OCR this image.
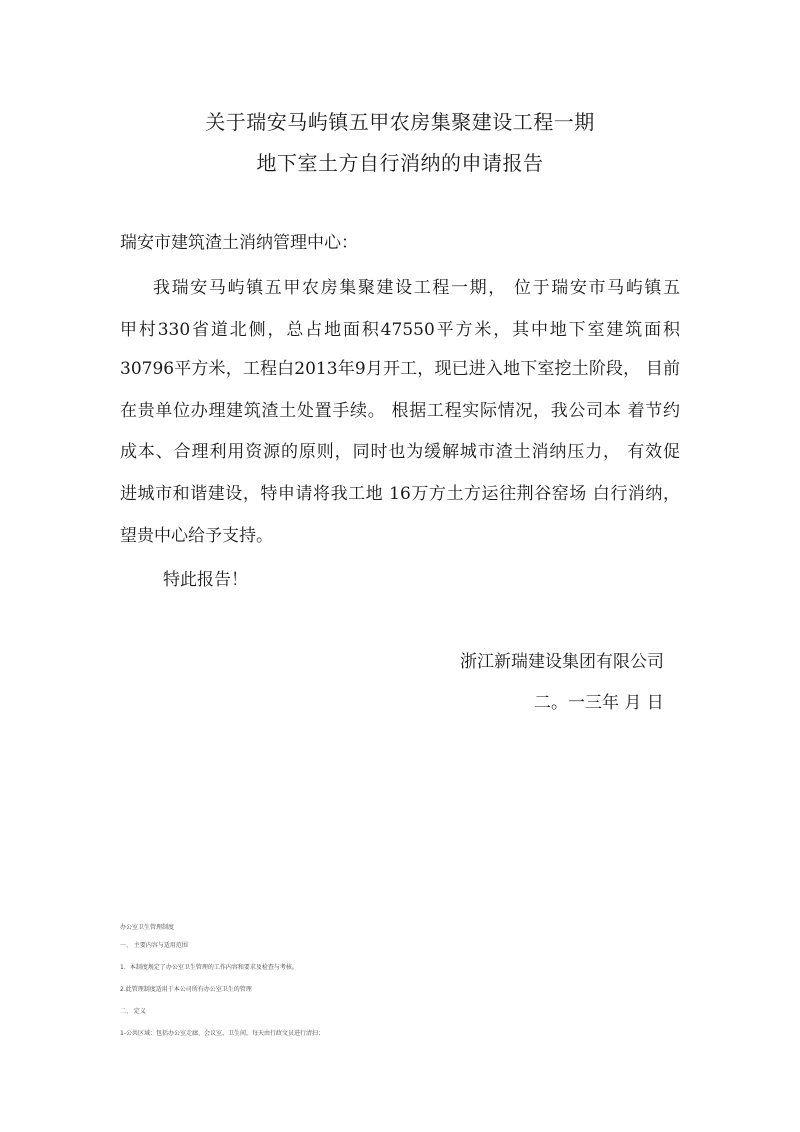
关于瑞安马屿镇五甲农房集聚建设工程一期
地下室土方自行消纳的申请报告
瑞安市建筑渣土消纳管理中心：
我瑞安马屿镇五甲农房集聚建设工程一期， 位于瑞安市马屿镇五
甲村330省道北侧，总占地面积47550平方米，其中地下室建筑面积
30796平方米，工程白2013年9月开工，现已进入地下室挖土阶段， 目前
在贵单位办理建筑渣土处置手续。 根据工程实际情况，我公司本 着节约
成本、合理利用资源的原则，同时也为缓解城市渣土消纳压力， 有效促
进城市和谐建设，特申请将我工地 16万方土方运往荆谷窑场 白行消纳，
望贵中心给予支持。
特此报告！
浙江新瑞建设集团有限公司
二。一三年 月 日
办公室卫生管理制度
一、 主要内容与适用范围
1．本制度规定了办公室卫生管理的工作内容和要求及检查与考核。
2.此管理制度适用于本公司所有办公室卫生的管理
二、 定义
1-公共区域：包括办公室走廊、会议室、卫生间，每天由行政文员进行清扫；
